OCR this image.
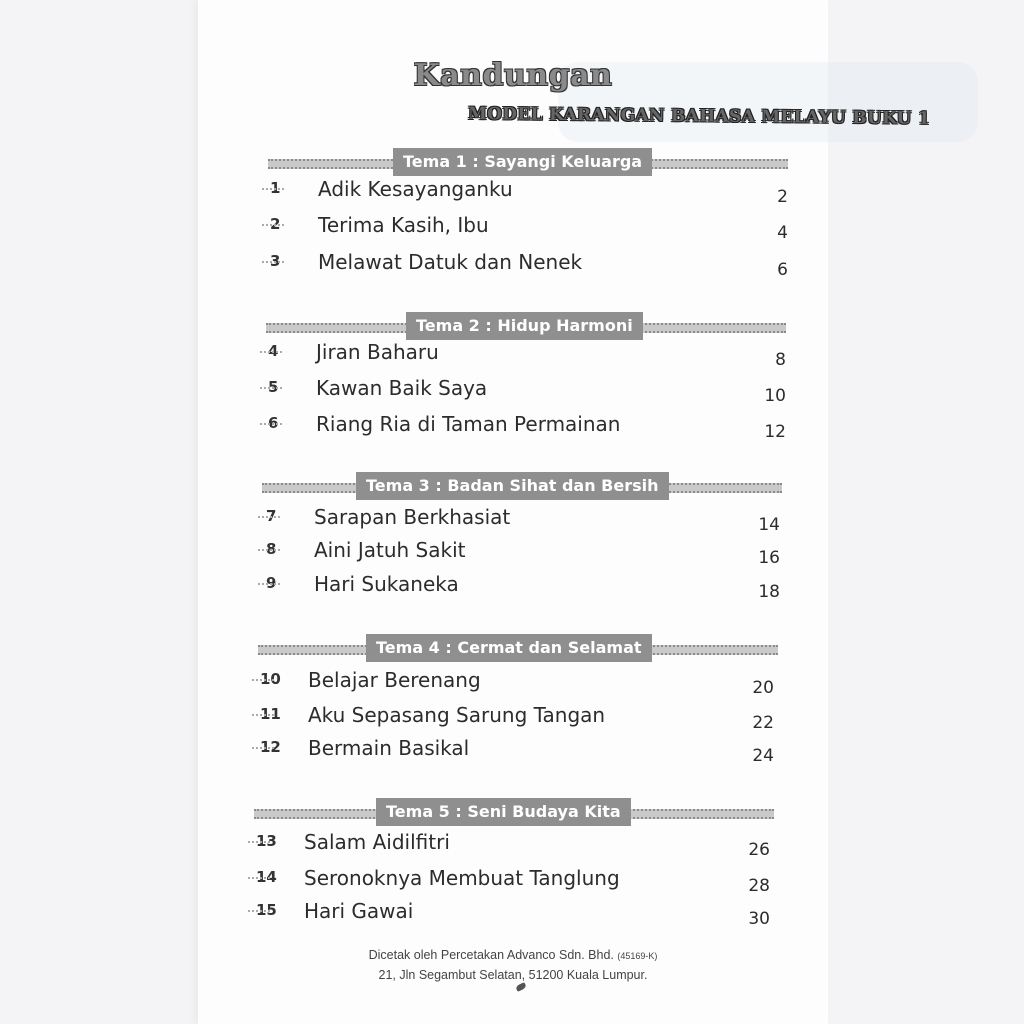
Kandungan
MODEL KARANGAN BAHASA MELAYU BUKU 1
Tema 1 : Sayangi Keluarga
1	Adik Kesayanganku	2
2	Terima Kasih, Ibu	4
3	Melawat Datuk dan Nenek	6
Tema 2 : Hidup Harmoni
4	Jiran Baharu	8
5	Kawan Baik Saya	10
6	Riang Ria di Taman Permainan	12
Tema 3 : Badan Sihat dan Bersih
7	Sarapan Berkhasiat	14
8	Aini Jatuh Sakit	16
9	Hari Sukaneka	18
Tema 4 : Cermat dan Selamat
10	Belajar Berenang	20
11	Aku Sepasang Sarung Tangan	22
12	Bermain Basikal	24
Tema 5 : Seni Budaya Kita
13	Salam Aidilfitri	26
14	Seronoknya Membuat Tanglung	28
15	Hari Gawai	30
Dicetak oleh Percetakan Advanco Sdn. Bhd. (45169-K)
21, Jln Segambut Selatan, 51200 Kuala Lumpur.
